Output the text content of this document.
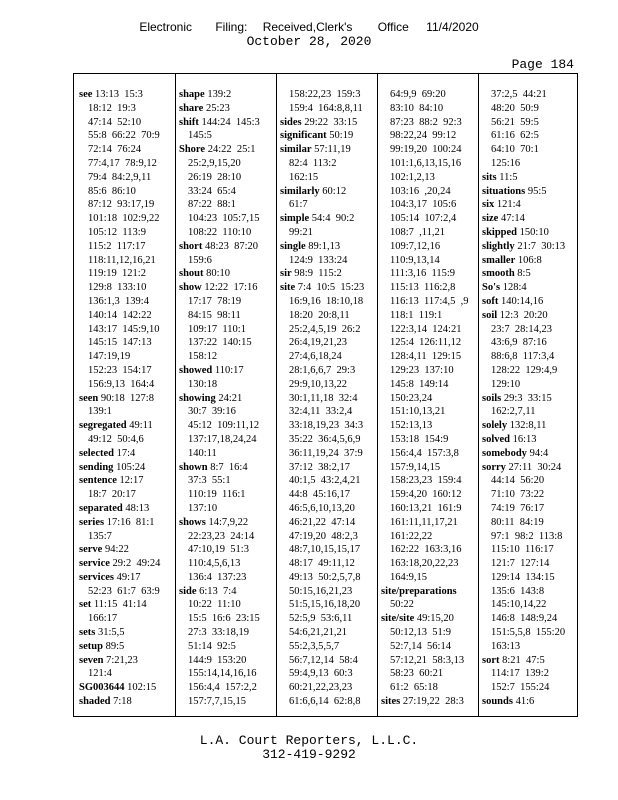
Electronic Filing: Received,Clerk's Office 11/4/2020
October 28, 2020
Page 184
see 13:13  15:3
18:12  19:3
47:14  52:10
55:8  66:22  70:9
72:14  76:24
77:4,17  78:9,12
79:4  84:2,9,11
85:6  86:10
87:12  93:17,19
101:18  102:9,22
105:12  113:9
115:2  117:17
118:11,12,16,21
119:19  121:2
129:8  133:10
136:1,3  139:4
140:14  142:22
143:17  145:9,10
145:15  147:13
147:19,19
152:23  154:17
156:9,13  164:4
seen 90:18  127:8
139:1
segregated 49:11
49:12  50:4,6
selected 17:4
sending 105:24
sentence 12:17
18:7  20:17
separated 48:13
series 17:16  81:1
135:7
serve 94:22
service 29:2  49:24
services 49:17
52:23  61:7  63:9
set 11:15  41:14
166:17
sets 31:5,5
setup 89:5
seven 7:21,23
121:4
SG003644 102:15
shaded 7:18
shape 139:2
share 25:23
shift 144:24  145:3
145:5
Shore 24:22  25:1
25:2,9,15,20
26:19  28:10
33:24  65:4
87:22  88:1
104:23  105:7,15
108:22  110:10
short 48:23  87:20
159:6
shout 80:10
show 12:22  17:16
17:17  78:19
84:15  98:11
109:17  110:1
137:22  140:15
158:12
showed 110:17
130:18
showing 24:21
30:7  39:16
45:12  109:11,12
137:17,18,24,24
140:11
shown 8:7  16:4
37:3  55:1
110:19  116:1
137:10
shows 14:7,9,22
22:23,23  24:14
47:10,19  51:3
110:4,5,6,13
136:4  137:23
side 6:13  7:4
10:22  11:10
15:5  16:6  23:15
27:3  33:18,19
51:14  92:5
144:9  153:20
155:14,14,16,16
156:4,4  157:2,2
157:7,7,15,15
158:22,23  159:3
159:4  164:8,8,11
sides 29:22  33:15
significant 50:19
similar 57:11,19
82:4  113:2
162:15
similarly 60:12
61:7
simple 54:4  90:2
99:21
single 89:1,13
124:9  133:24
sir 98:9  115:2
site 7:4  10:5  15:23
16:9,16  18:10,18
18:20  20:8,11
25:2,4,5,19  26:2
26:4,19,21,23
27:4,6,18,24
28:1,6,6,7  29:3
29:9,10,13,22
30:1,11,18  32:4
32:4,11  33:2,4
33:18,19,23  34:3
35:22  36:4,5,6,9
36:11,19,24  37:9
37:12  38:2,17
40:1,5  43:2,4,21
44:8  45:16,17
46:5,6,10,13,20
46:21,22  47:14
47:19,20  48:2,3
48:7,10,15,15,17
48:17  49:11,12
49:13  50:2,5,7,8
50:15,16,21,23
51:5,15,16,18,20
52:5,9  53:6,11
54:6,21,21,21
55:2,3,5,5,7
56:7,12,14  58:4
59:4,9,13  60:3
60:21,22,23,23
61:6,6,14  62:8,8
64:9,9  69:20
83:10  84:10
87:23  88:2  92:3
98:22,24  99:12
99:19,20  100:24
101:1,6,13,15,16
102:1,2,13
103:16  ,20,24
104:3,17  105:6
105:14  107:2,4
108:7  ,11,21
109:7,12,16
110:9,13,14
111:3,16  115:9
115:13  116:2,8
116:13  117:4,5  ,9
118:1  119:1
122:3,14  124:21
125:4  126:11,12
128:4,11  129:15
129:23  137:10
145:8  149:14
150:23,24
151:10,13,21
152:13,13
153:18  154:9
156:4,4  157:3,8
157:9,14,15
158:23,23  159:4
159:4,20  160:12
160:13,21  161:9
161:11,11,17,21
161:22,22
162:22  163:3,16
163:18,20,22,23
164:9,15
site/preparations
50:22
site/site 49:15,20
50:12,13  51:9
52:7,14  56:14
57:12,21  58:3,13
58:23  60:21
61:2  65:18
sites 27:19,22  28:3
37:2,5  44:21
48:20  50:9
56:21  59:5
61:16  62:5
64:10  70:1
125:16
sits 11:5
situations 95:5
six 121:4
size 47:14
skipped 150:10
slightly 21:7  30:13
smaller 106:8
smooth 8:5
So's 128:4
soft 140:14,16
soil 12:3  20:20
23:7  28:14,23
43:6,9  87:16
88:6,8  117:3,4
128:22  129:4,9
129:10
soils 29:3  33:15
162:2,7,11
solely 132:8,11
solved 16:13
somebody 94:4
sorry 27:11  30:24
44:14  56:20
71:10  73:22
74:19  76:17
80:11  84:19
97:1  98:2  113:8
115:10  116:17
121:7  127:14
129:14  134:15
135:6  143:8
145:10,14,22
146:8  148:9,24
151:5,5,8  155:20
163:13
sort 8:21  47:5
114:17  139:2
152:7  155:24
sounds 41:6
L.A. Court Reporters, L.L.C.
312-419-9292
